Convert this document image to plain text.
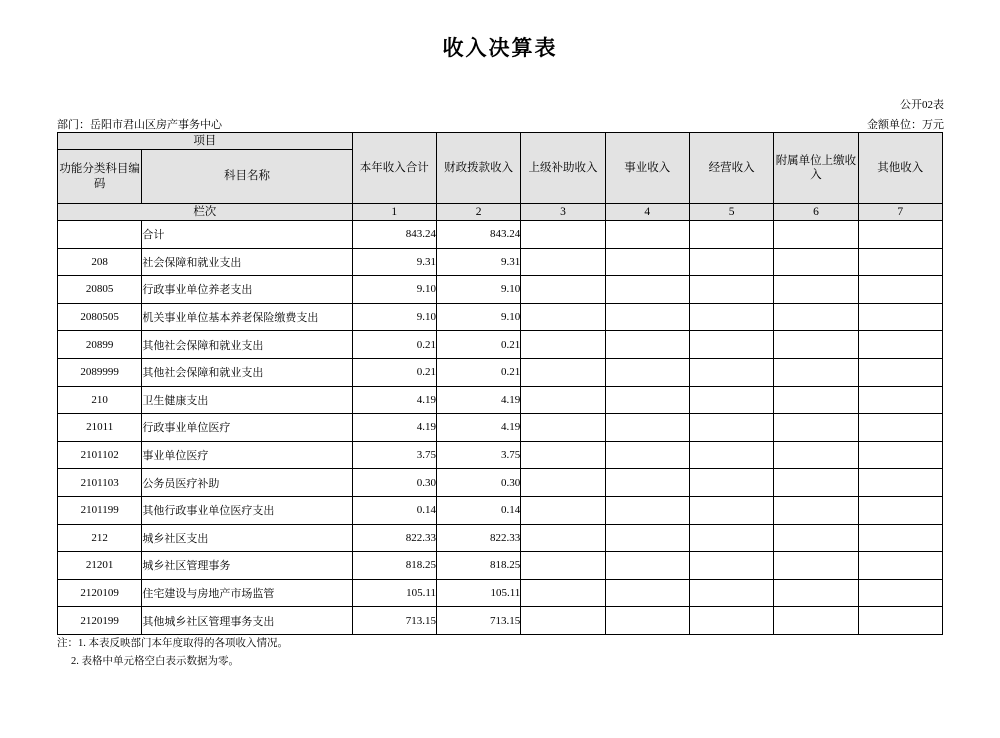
收入决算表
公开02表
部门：岳阳市君山区房产事务中心	金额单位：万元
项目		本年收入合计	财政拨款收入	上级补助收入	事业收入	经营收入	附属单位上缴收入	其他收入
功能分类科目编码	科目名称							
栏次		1	2	3	4	5	6	7
	合计	843.24	843.24					
208	社会保障和就业支出	9.31	9.31					
20805	行政事业单位养老支出	9.10	9.10					
2080505	机关事业单位基本养老保险缴费支出	9.10	9.10					
20899	其他社会保障和就业支出	0.21	0.21					
2089999	其他社会保障和就业支出	0.21	0.21					
210	卫生健康支出	4.19	4.19					
21011	行政事业单位医疗	4.19	4.19					
2101102	事业单位医疗	3.75	3.75					
2101103	公务员医疗补助	0.30	0.30					
2101199	其他行政事业单位医疗支出	0.14	0.14					
212	城乡社区支出	822.33	822.33					
21201	城乡社区管理事务	818.25	818.25					
2120109	住宅建设与房地产市场监管	105.11	105.11					
2120199	其他城乡社区管理事务支出	713.15	713.15					
注：1. 本表反映部门本年度取得的各项收入情况。
2. 表格中单元格空白表示数据为零。
